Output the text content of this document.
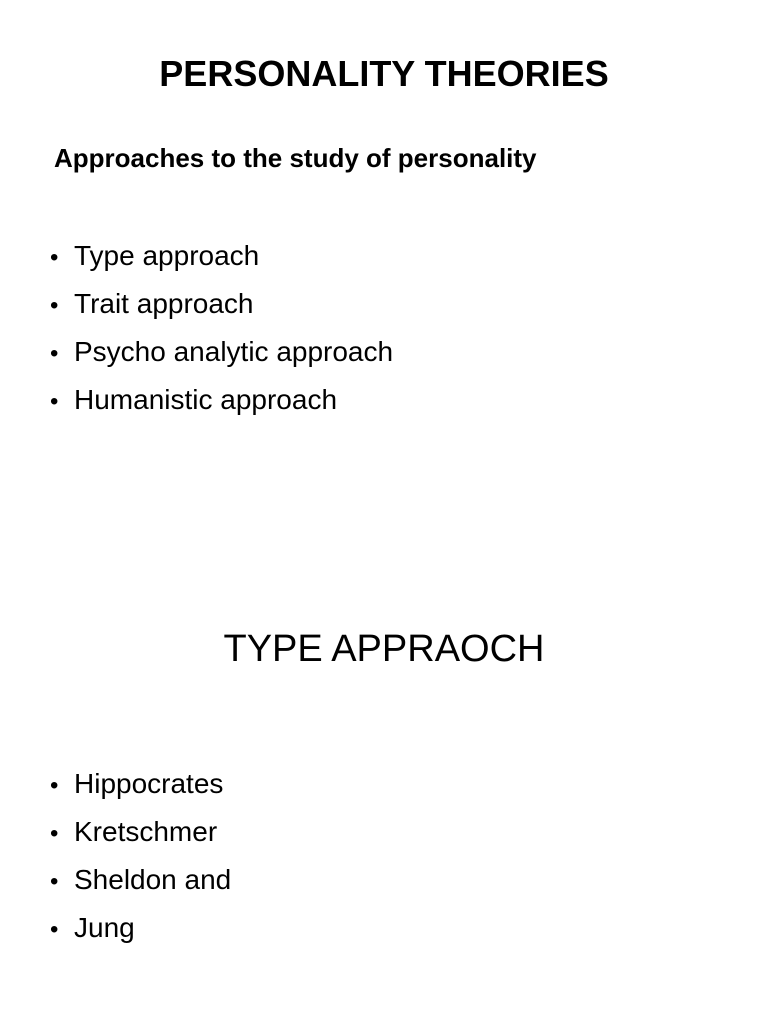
PERSONALITY THEORIES
Approaches to the study of personality
• Type approach
• Trait approach
• Psycho analytic approach
• Humanistic approach
TYPE APPRAOCH
• Hippocrates
• Kretschmer
• Sheldon and
• Jung
